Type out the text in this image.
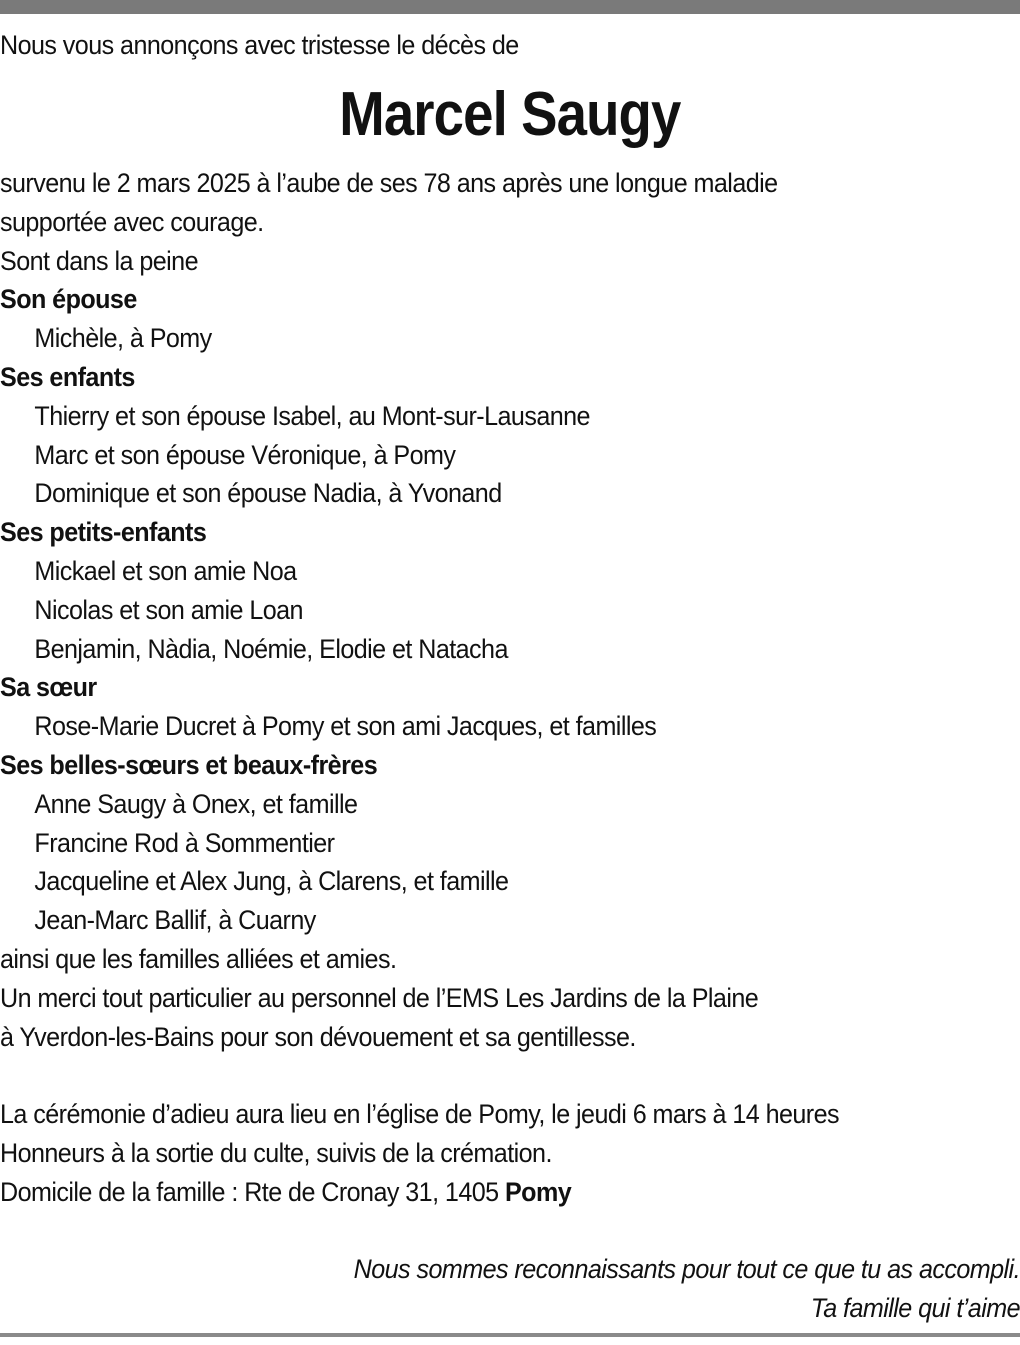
Nous vous annonçons avec tristesse le décès de
Marcel Saugy
survenu le 2 mars 2025 à l’aube de ses 78 ans après une longue maladie
supportée avec courage.
Sont dans la peine
Son épouse
Michèle, à Pomy
Ses enfants
Thierry et son épouse Isabel, au Mont-sur-Lausanne
Marc et son épouse Véronique, à Pomy
Dominique et son épouse Nadia, à Yvonand
Ses petits-enfants
Mickael et son amie Noa
Nicolas et son amie Loan
Benjamin, Nàdia, Noémie, Elodie et Natacha
Sa sœur
Rose-Marie Ducret à Pomy et son ami Jacques, et familles
Ses belles-sœurs et beaux-frères
Anne Saugy à Onex, et famille
Francine Rod à Sommentier
Jacqueline et Alex Jung, à Clarens, et famille
Jean-Marc Ballif, à Cuarny
ainsi que les familles alliées et amies.
Un merci tout particulier au personnel de l’EMS Les Jardins de la Plaine
à Yverdon-les-Bains pour son dévouement et sa gentillesse.
La cérémonie d’adieu aura lieu en l’église de Pomy, le jeudi 6 mars à 14 heures
Honneurs à la sortie du culte, suivis de la crémation.
Domicile de la famille : Rte de Cronay 31, 1405 Pomy
Nous sommes reconnaissants pour tout ce que tu as accompli.
Ta famille qui t’aime
